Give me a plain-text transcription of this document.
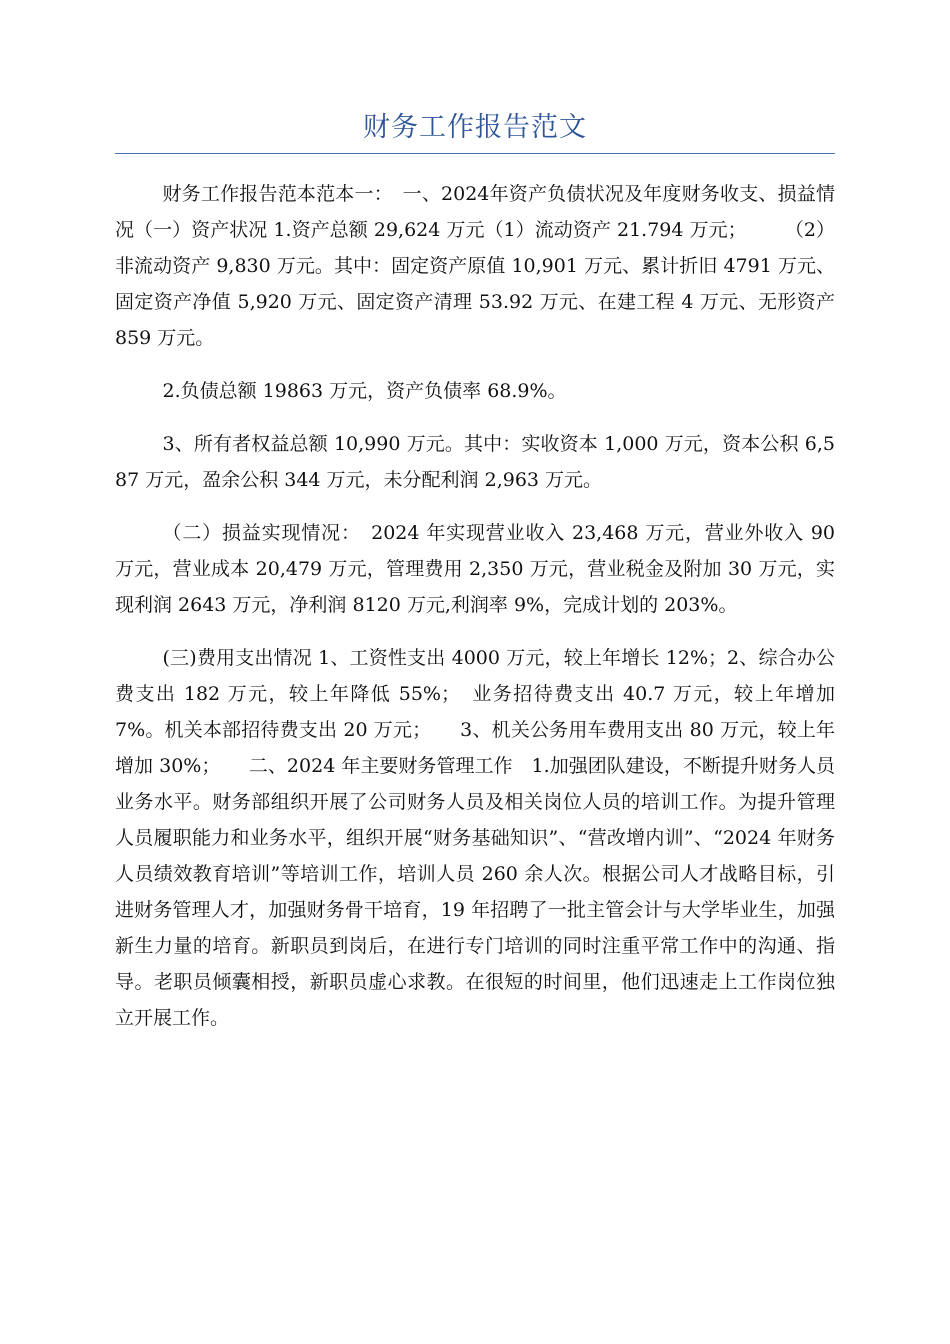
财务工作报告范文

财务工作报告范本范本一：　一、2024年资产负债状况及年度财务收支、损益情况（一）资产状况 1.资产总额 29,624 万元（1）流动资产 21.794 万元；　　　（2）非流动资产 9,830 万元。其中：固定资产原值 10,901 万元、累计折旧 4791 万元、固定资产净值 5,920 万元、固定资产清理 53.92 万元、在建工程 4 万元、无形资产 859 万元。

2.负债总额 19863 万元，资产负债率 68.9%。

3、所有者权益总额 10,990 万元。其中：实收资本 1,000 万元，资本公积 6,587 万元，盈余公积 344 万元，未分配利润 2,963 万元。

（二）损益实现情况：　2024 年实现营业收入 23,468 万元，营业外收入 90 万元，营业成本 20,479 万元，管理费用 2,350 万元，营业税金及附加 30 万元，实现利润 2643 万元，净利润 8120 万元,利润率 9%，完成计划的 203%。

(三)费用支出情况 1、工资性支出 4000 万元，较上年增长 12%；2、综合办公费支出 182 万元，较上年降低 55%；　业务招待费支出 40.7 万元，较上年增加 7%。机关本部招待费支出 20 万元；　　3、机关公务用车费用支出 80 万元，较上年增加 30%；　　二、2024 年主要财务管理工作　1.加强团队建设，不断提升财务人员业务水平。财务部组织开展了公司财务人员及相关岗位人员的培训工作。为提升管理人员履职能力和业务水平，组织开展“财务基础知识”、“营改增内训”、“2024 年财务人员绩效教育培训”等培训工作，培训人员 260 余人次。根据公司人才战略目标，引进财务管理人才，加强财务骨干培育，19 年招聘了一批主管会计与大学毕业生，加强新生力量的培育。新职员到岗后，在进行专门培训的同时注重平常工作中的沟通、指导。老职员倾囊相授，新职员虚心求教。在很短的时间里，他们迅速走上工作岗位独立开展工作。
